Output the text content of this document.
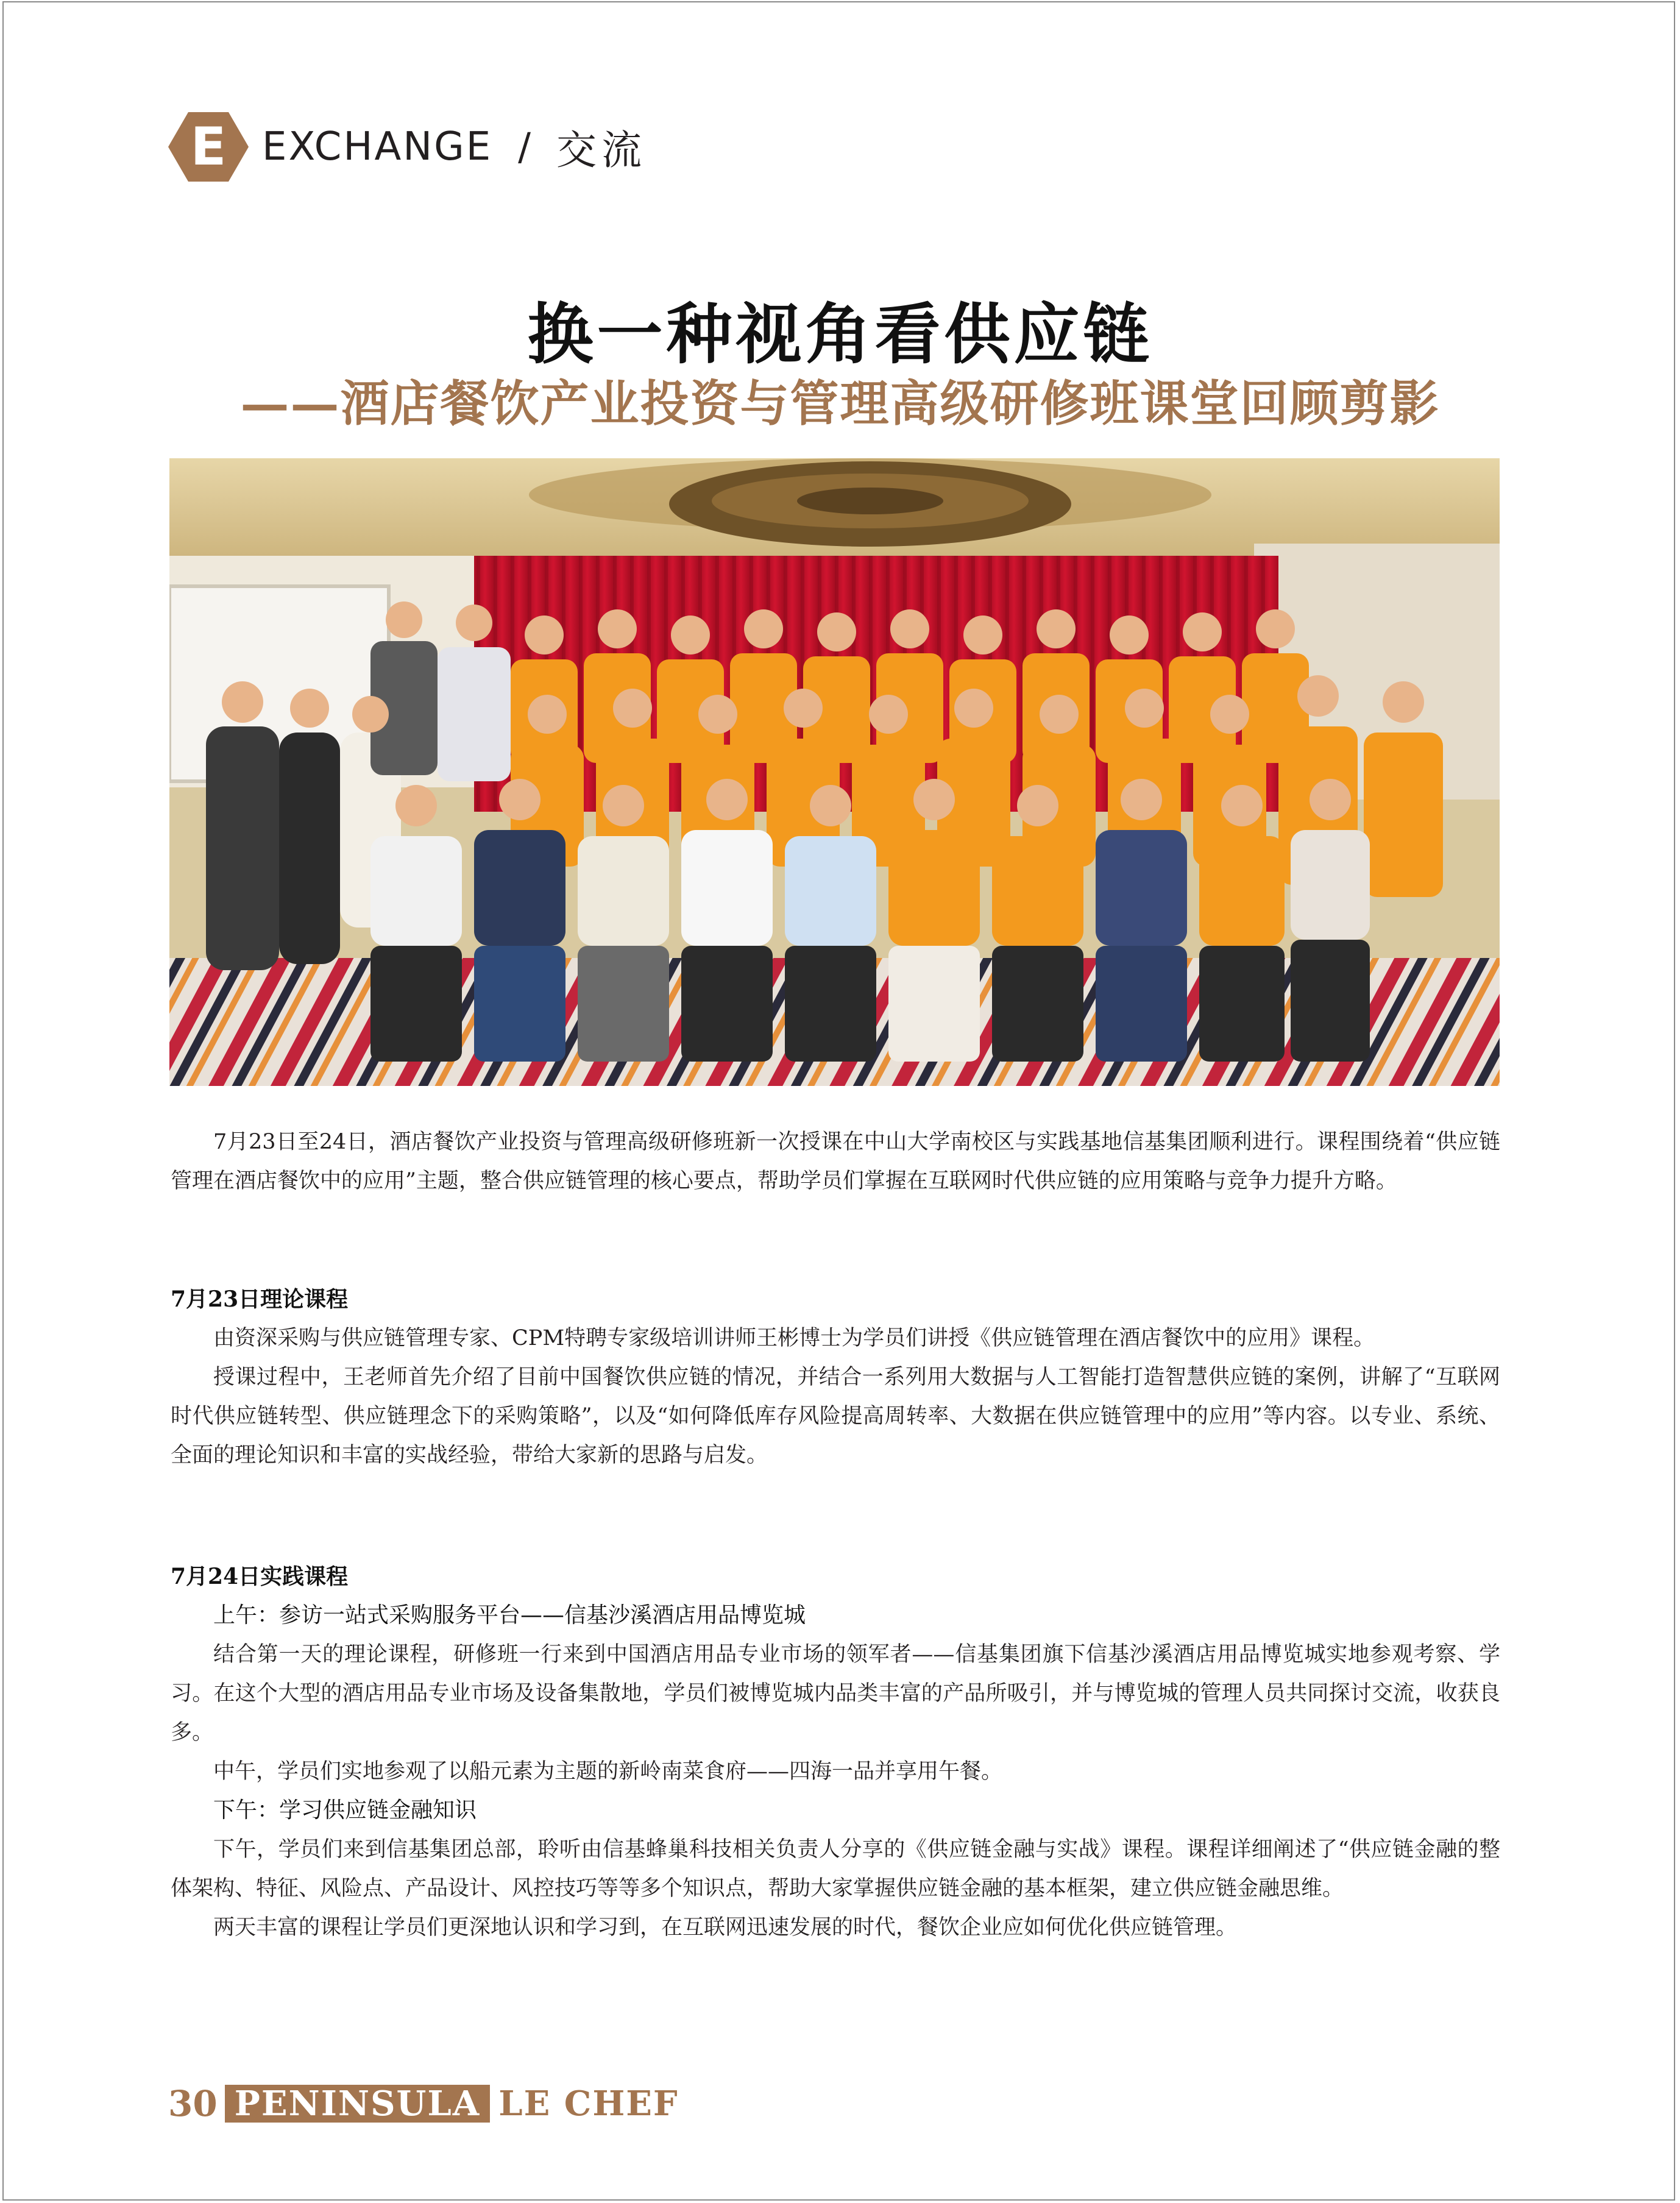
E EXCHANGE / 交流
换一种视角看供应链
——酒店餐饮产业投资与管理高级研修班课堂回顾剪影

7月23日至24日，酒店餐饮产业投资与管理高级研修班新一次授课在中山大学南校区与实践基地信基集团顺利进行。课程围绕着“供应链管理在酒店餐饮中的应用”主题，整合供应链管理的核心要点，帮助学员们掌握在互联网时代供应链的应用策略与竞争力提升方略。

7月23日理论课程

由资深采购与供应链管理专家、CPM特聘专家级培训讲师王彬博士为学员们讲授《供应链管理在酒店餐饮中的应用》课程。

授课过程中，王老师首先介绍了目前中国餐饮供应链的情况，并结合一系列用大数据与人工智能打造智慧供应链的案例，讲解了“互联网时代供应链转型、供应链理念下的采购策略”，以及“如何降低库存风险提高周转率、大数据在供应链管理中的应用”等内容。以专业、系统、全面的理论知识和丰富的实战经验，带给大家新的思路与启发。

7月24日实践课程
上午：参访一站式采购服务平台——信基沙溪酒店用品博览城

结合第一天的理论课程，研修班一行来到中国酒店用品专业市场的领军者——信基集团旗下信基沙溪酒店用品博览城实地参观考察、学习。在这个大型的酒店用品专业市场及设备集散地，学员们被博览城内品类丰富的产品所吸引，并与博览城的管理人员共同探讨交流，收获良多。

中午，学员们实地参观了以船元素为主题的新岭南菜食府——四海一品并享用午餐。

下午：学习供应链金融知识

下午，学员们来到信基集团总部，聆听由信基蜂巢科技相关负责人分享的《供应链金融与实战》课程。课程详细阐述了“供应链金融的整体架构、特征、风险点、产品设计、风控技巧等等多个知识点，帮助大家掌握供应链金融的基本框架，建立供应链金融思维。

两天丰富的课程让学员们更深地认识和学习到，在互联网迅速发展的时代，餐饮企业应如何优化供应链管理。

30 PENINSULA LE CHEF
